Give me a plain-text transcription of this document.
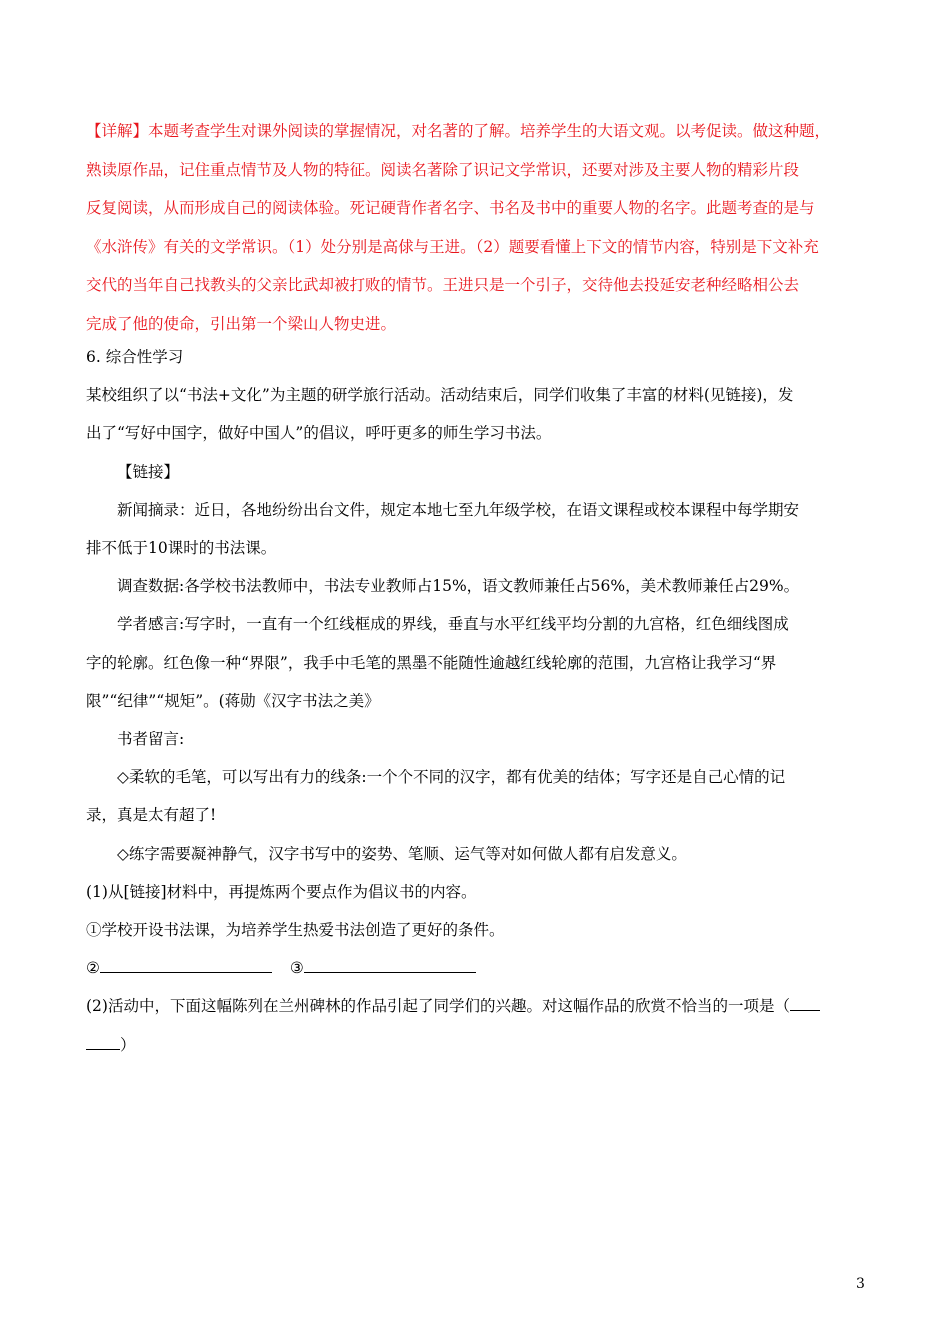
【详解】本题考查学生对课外阅读的掌握情况，对名著的了解。培养学生的大语文观。以考促读。做这种题，
熟读原作品，记住重点情节及人物的特征。阅读名著除了识记文学常识，还要对涉及主要人物的精彩片段
反复阅读，从而形成自己的阅读体验。死记硬背作者名字、书名及书中的重要人物的名字。此题考查的是与
《水浒传》有关的文学常识。（1）处分别是高俅与王进。（2）题要看懂上下文的情节内容，特别是下文补充
交代的当年自己找教头的父亲比武却被打败的情节。王进只是一个引子，交待他去投延安老种经略相公去
完成了他的使命，引出第一个梁山人物史进。
6. 综合性学习
某校组织了以“书法+文化”为主题的研学旅行活动。活动结束后，同学们收集了丰富的材料(见链接)，发
出了“写好中国字，做好中国人”的倡议，呼吁更多的师生学习书法。
【链接】
新闻摘录：近日，各地纷纷出台文件，规定本地七至九年级学校，在语文课程或校本课程中每学期安
排不低于10课时的书法课。
调查数据:各学校书法教师中，书法专业教师占15%，语文教师兼任占56%，美术教师兼任占29%。
学者感言:写字时，一直有一个红线框成的界线，垂直与水平红线平均分割的九宫格，红色细线图成
字的轮廓。红色像一种“界限”，我手中毛笔的黑墨不能随性逾越红线轮廓的范围，九宫格让我学习“界
限”“纪律”“规矩”。(蒋勋《汉字书法之美》
书者留言:
◇柔软的毛笔，可以写出有力的线条:一个个不同的汉字，都有优美的结体；写字还是自己心情的记
录，真是太有超了!
◇练字需要凝神静气，汉字书写中的姿势、笔顺、运气等对如何做人都有启发意义。
(1)从[链接]材料中，再提炼两个要点作为倡议书的内容。
①学校开设书法课，为培养学生热爱书法创造了更好的条件。
②	③
(2)活动中，下面这幅陈列在兰州碑林的作品引起了同学们的兴趣。对这幅作品的欣赏不恰当的一项是（
）
3
